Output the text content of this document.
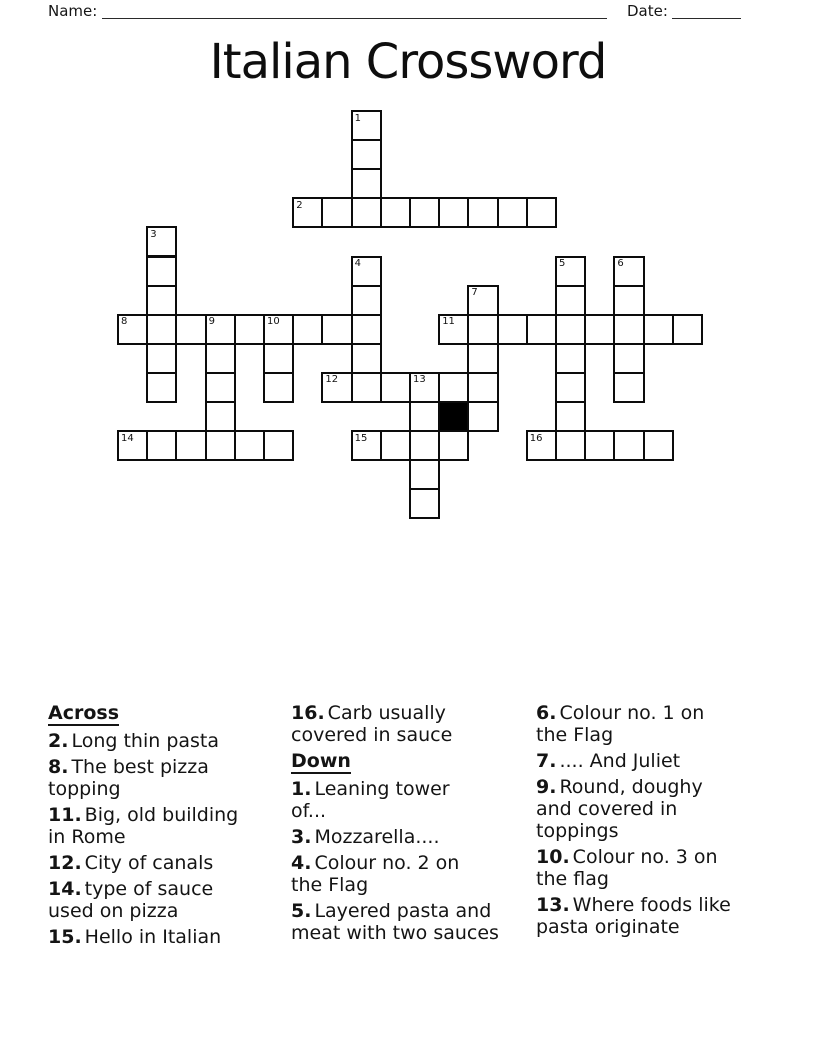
Name:	Date:
Italian Crossword
1
2
3
4	5	6
7
8	9	10	11
12	13
14	15	16
Across
2. Long thin pasta
8. The best pizza
topping
11. Big, old building
in Rome
12. City of canals
14. type of sauce
used on pizza
15. Hello in Italian
16. Carb usually
covered in sauce
Down
1. Leaning tower
of...
3. Mozzarella....
4. Colour no. 2 on
the Flag
5. Layered pasta and
meat with two sauces
6. Colour no. 1 on
the Flag
7. .... And Juliet
9. Round, doughy
and covered in
toppings
10. Colour no. 3 on
the flag
13. Where foods like
pasta originate
